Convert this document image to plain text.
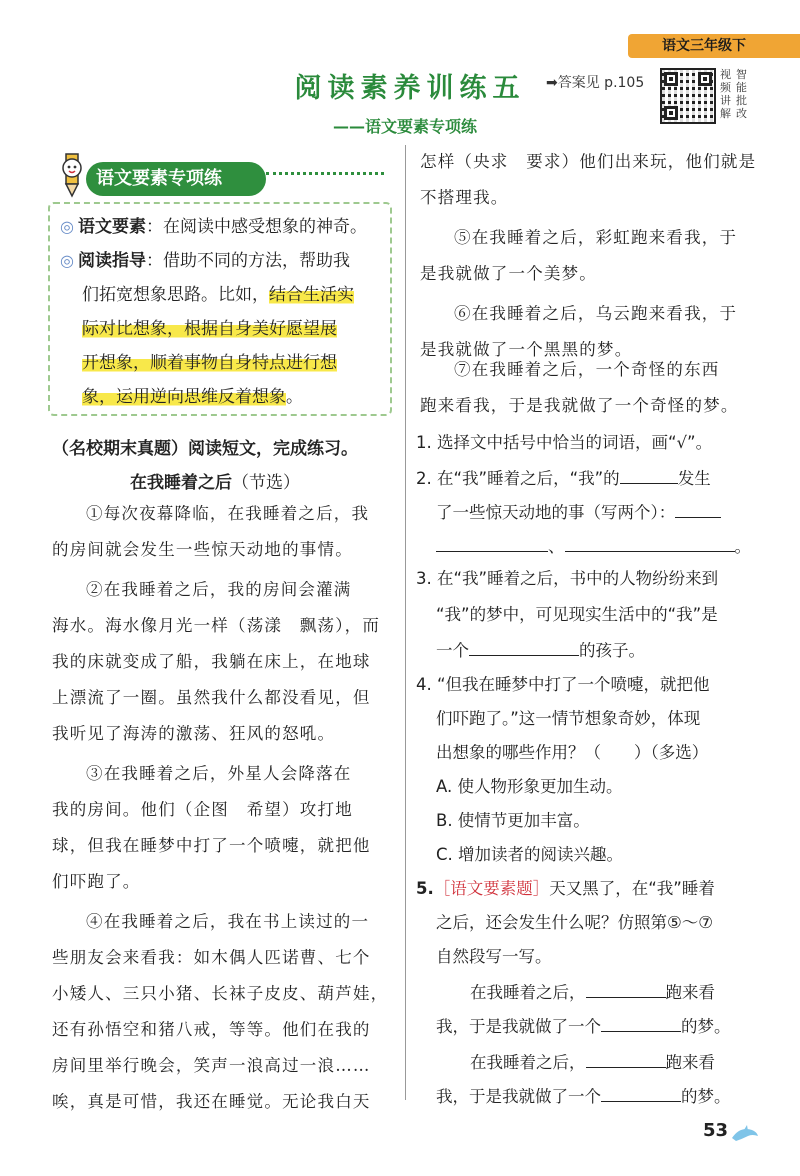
语文三年级下
阅读素养训练五
——语文要素专项练
➡答案见 p.105
视
频
讲
解
智
能
批
改
语文要素专项练
◎ 语文要素：在阅读中感受想象的神奇。
◎ 阅读指导：借助不同的方法，帮助我
们拓宽想象思路。比如，结合生活实
际对比想象，根据自身美好愿望展
开想象，顺着事物自身特点进行想
象，运用逆向思维反着想象。
（名校期末真题）阅读短文，完成练习。
在我睡着之后（节选）
①每次夜幕降临，在我睡着之后，我
的房间就会发生一些惊天动地的事情。
②在我睡着之后，我的房间会灌满
海水。海水像月光一样（荡漾　飘荡），而
我的床就变成了船，我躺在床上，在地球
上漂流了一圈。虽然我什么都没看见，但
我听见了海涛的激荡、狂风的怒吼。
③在我睡着之后，外星人会降落在
我的房间。他们（企图　希望）攻打地
球，但我在睡梦中打了一个喷嚏，就把他
们吓跑了。
④在我睡着之后，我在书上读过的一
些朋友会来看我：如木偶人匹诺曹、七个
小矮人、三只小猪、长袜子皮皮、葫芦娃，
还有孙悟空和猪八戒，等等。他们在我的
房间里举行晚会，笑声一浪高过一浪……
唉，真是可惜，我还在睡觉。无论我白天
怎样（央求　要求）他们出来玩，他们就是
不搭理我。
⑤在我睡着之后，彩虹跑来看我，于
是我就做了一个美梦。
⑥在我睡着之后，乌云跑来看我，于
是我就做了一个黑黑的梦。
⑦在我睡着之后，一个奇怪的东西
跑来看我，于是我就做了一个奇怪的梦。
1. 选择文中括号中恰当的词语，画“√”。
2. 在“我”睡着之后，“我”的	发生
了一些惊天动地的事（写两个）：
、	。
3. 在“我”睡着之后，书中的人物纷纷来到
“我”的梦中，可见现实生活中的“我”是
一个	的孩子。
4. “但我在睡梦中打了一个喷嚏，就把他
们吓跑了。”这一情节想象奇妙，体现
出想象的哪些作用？（　　）（多选）
A. 使人物形象更加生动。
B. 使情节更加丰富。
C. 增加读者的阅读兴趣。
5.［语文要素题］天又黑了，在“我”睡着
之后，还会发生什么呢？仿照第⑤～⑦
自然段写一写。
在我睡着之后，	跑来看
我，于是我就做了一个	的梦。
在我睡着之后，	跑来看
我，于是我就做了一个	的梦。
53
